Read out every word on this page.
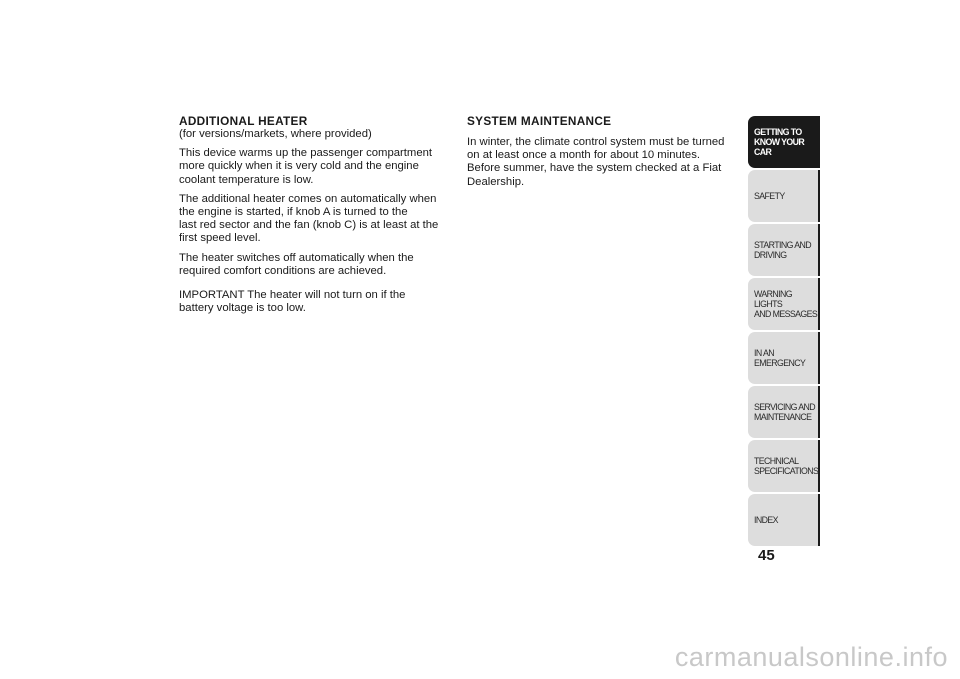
ADDITIONAL HEATER
(for versions/markets, where provided)
This device warms up the passenger compartment
more quickly when it is very cold and the engine
coolant temperature is low.
The additional heater comes on automatically when
the engine is started, if knob A is turned to the
last red sector and the fan (knob C) is at least at the
first speed level.
The heater switches off automatically when the
required comfort conditions are achieved.
IMPORTANT The heater will not turn on if the
battery voltage is too low.
SYSTEM MAINTENANCE
In winter, the climate control system must be turned
on at least once a month for about 10 minutes.
Before summer, have the system checked at a Fiat
Dealership.
GETTING TO
KNOW YOUR CAR
SAFETY
STARTING AND
DRIVING
WARNING LIGHTS
AND MESSAGES
IN AN EMERGENCY
SERVICING AND
MAINTENANCE
TECHNICAL
SPECIFICATIONS
INDEX
45
carmanualsonline.info
